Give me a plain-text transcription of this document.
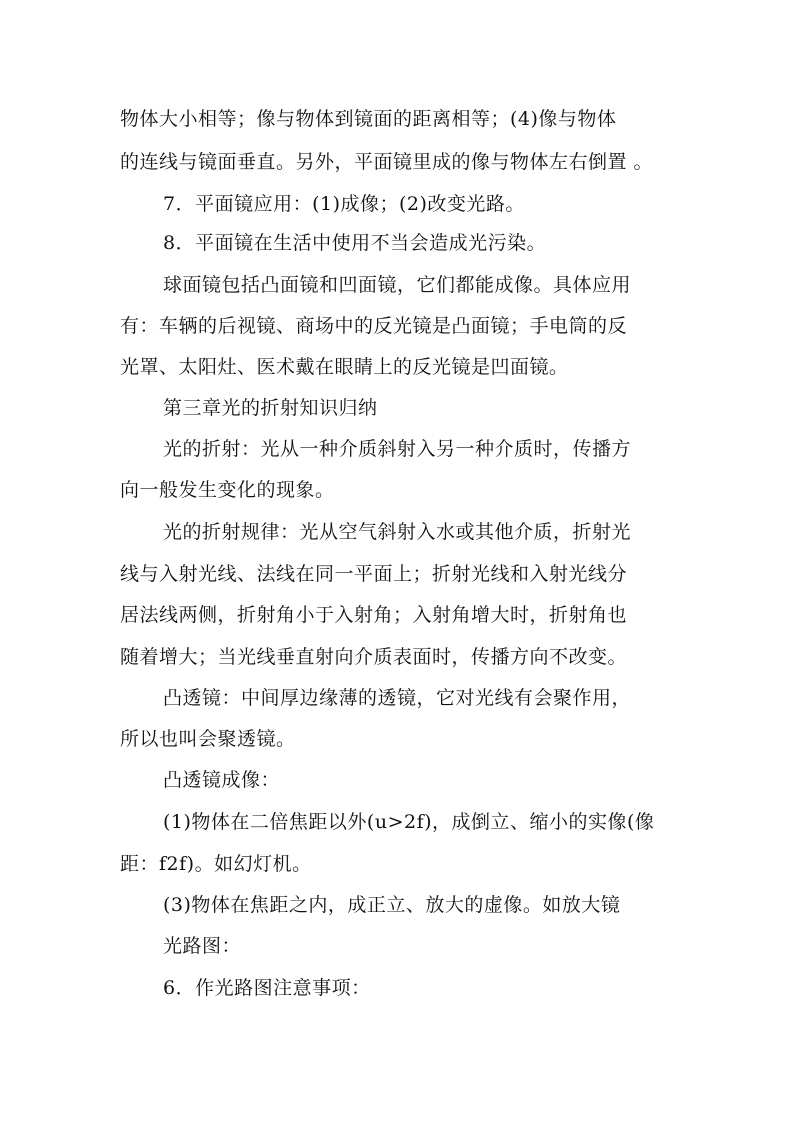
物体大小相等；像与物体到镜面的距离相等；(4)像与物体
的连线与镜面垂直。另外，平面镜里成的像与物体左右倒置 。
7．平面镜应用：(1)成像；(2)改变光路。
8．平面镜在生活中使用不当会造成光污染。
球面镜包括凸面镜和凹面镜，它们都能成像。具体应用
有：车辆的后视镜、商场中的反光镜是凸面镜；手电筒的反
光罩、太阳灶、医术戴在眼睛上的反光镜是凹面镜。
第三章光的折射知识归纳
光的折射：光从一种介质斜射入另一种介质时，传播方
向一般发生变化的现象。
光的折射规律：光从空气斜射入水或其他介质，折射光
线与入射光线、法线在同一平面上；折射光线和入射光线分
居法线两侧，折射角小于入射角；入射角增大时，折射角也
随着增大；当光线垂直射向介质表面时，传播方向不改变。
凸透镜：中间厚边缘薄的透镜，它对光线有会聚作用，
所以也叫会聚透镜。
凸透镜成像：
(1)物体在二倍焦距以外(u>2f)，成倒立、缩小的实像(像
距：f2f)。如幻灯机。
(3)物体在焦距之内，成正立、放大的虚像。如放大镜
光路图：
6．作光路图注意事项：
